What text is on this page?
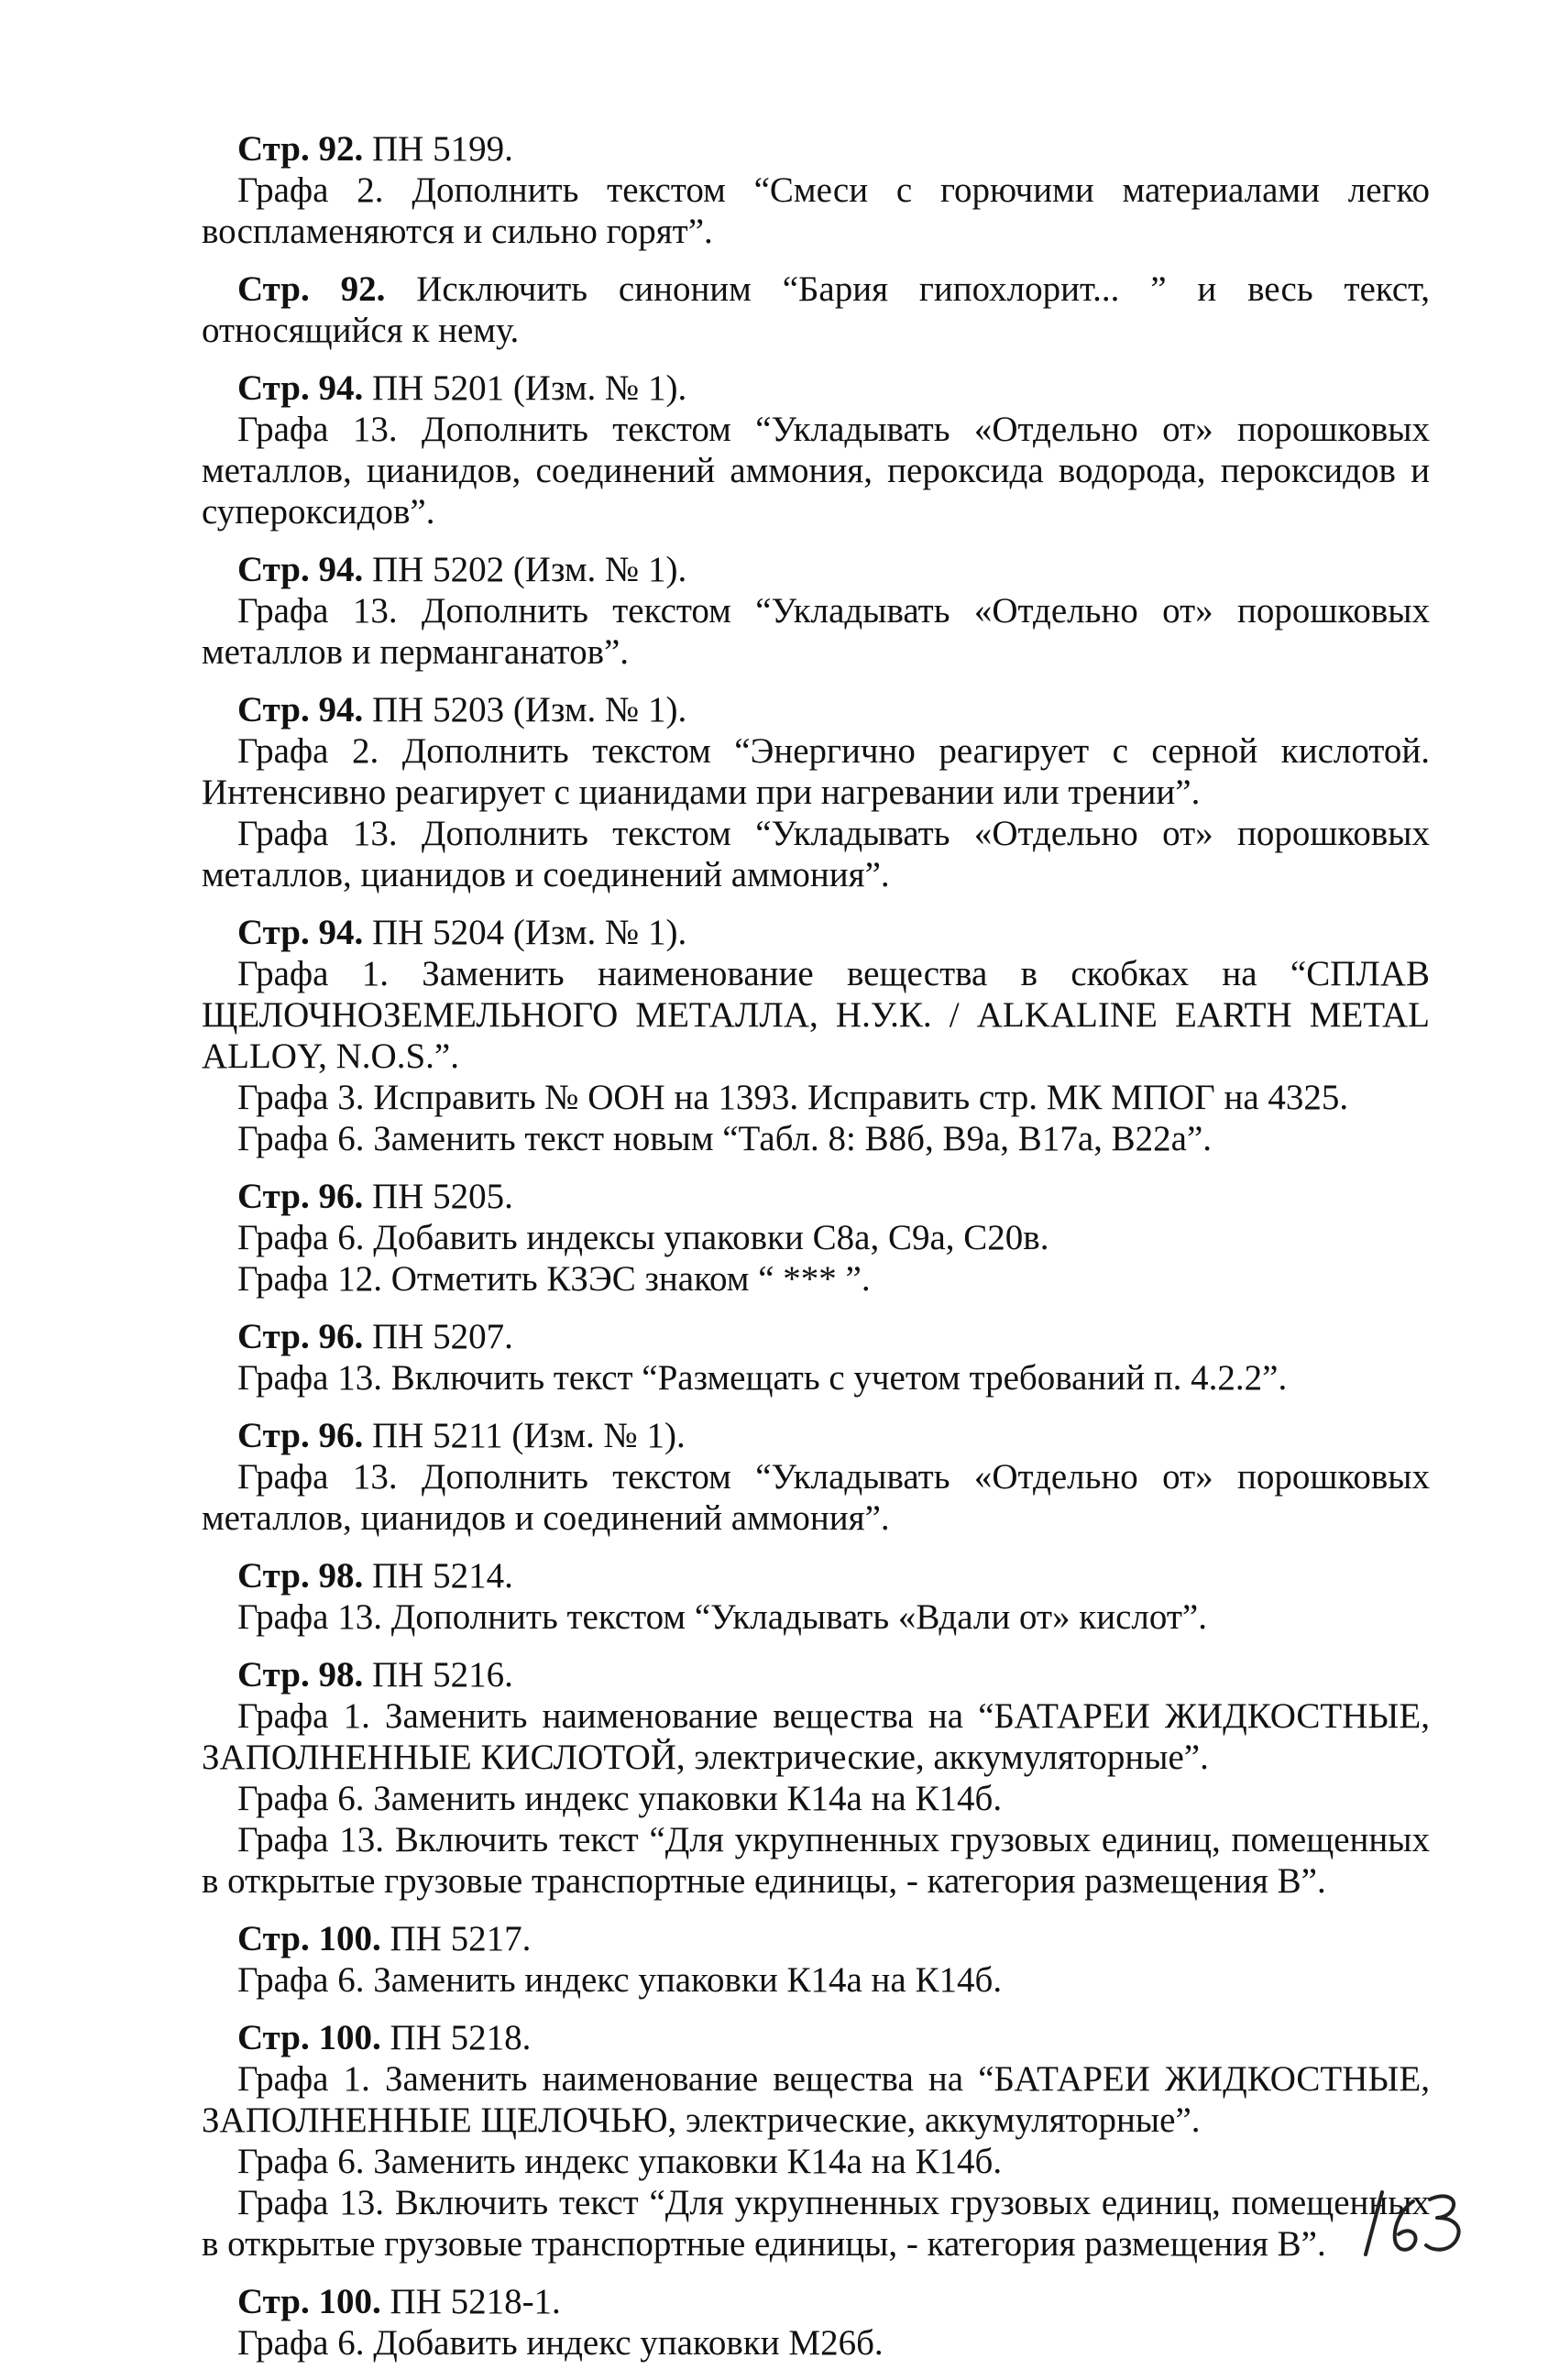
Стр. 92. ПН 5199.
Графа 2. Дополнить текстом “Смеси с горючими материалами легко воспламеняются и сильно горят”.
Стр. 92. Исключить синоним “Бария гипохлорит... ” и весь текст, относящийся к нему.
Стр. 94. ПН 5201 (Изм. № 1).
Графа 13. Дополнить текстом “Укладывать «Отдельно от» порошковых металлов, цианидов, соединений аммония, пероксида водорода, пероксидов и супероксидов”.
Стр. 94. ПН 5202 (Изм. № 1).
Графа 13. Дополнить текстом “Укладывать «Отдельно от» порошковых металлов и перманганатов”.
Стр. 94. ПН 5203 (Изм. № 1).
Графа 2. Дополнить текстом “Энергично реагирует с серной кислотой. Интенсивно реагирует с цианидами при нагревании или трении”.
Графа 13. Дополнить текстом “Укладывать «Отдельно от» порошковых металлов, цианидов и соединений аммония”.
Стр. 94. ПН 5204 (Изм. № 1).
Графа 1. Заменить наименование вещества в скобках на “СПЛАВ ЩЕЛОЧНОЗЕМЕЛЬНОГО МЕТАЛЛА, Н.У.К. / ALKALINE EARTH METAL ALLOY, N.O.S.”.
Графа 3. Исправить № ООН на 1393. Исправить стр. МК МПОГ на 4325.
Графа 6. Заменить текст новым “Табл. 8: В8б, В9а, В17а, В22а”.
Стр. 96. ПН 5205.
Графа 6. Добавить индексы упаковки С8а, С9а, С20в.
Графа 12. Отметить КЗЭС знаком “ *** ”.
Стр. 96. ПН 5207.
Графа 13. Включить текст “Размещать с учетом требований п. 4.2.2”.
Стр. 96. ПН 5211 (Изм. № 1).
Графа 13. Дополнить текстом “Укладывать «Отдельно от» порошковых металлов, цианидов и соединений аммония”.
Стр. 98. ПН 5214.
Графа 13. Дополнить текстом “Укладывать «Вдали от» кислот”.
Стр. 98. ПН 5216.
Графа 1. Заменить наименование вещества на “БАТАРЕИ ЖИДКОСТНЫЕ, ЗАПОЛНЕННЫЕ КИСЛОТОЙ, электрические, аккумуляторные”.
Графа 6. Заменить индекс упаковки К14а на К14б.
Графа 13. Включить текст “Для укрупненных грузовых единиц, помещенных в открытые грузовые транспортные единицы, - категория размещения В”.
Стр. 100. ПН 5217.
Графа 6. Заменить индекс упаковки К14а на К14б.
Стр. 100. ПН 5218.
Графа 1. Заменить наименование вещества на “БАТАРЕИ ЖИДКОСТНЫЕ, ЗАПОЛНЕННЫЕ ЩЕЛОЧЬЮ, электрические, аккумуляторные”.
Графа 6. Заменить индекс упаковки К14а на К14б.
Графа 13. Включить текст “Для укрупненных грузовых единиц, помещенных в открытые грузовые транспортные единицы, - категория размещения В”.
Стр. 100. ПН 5218-1.
Графа 6. Добавить индекс упаковки М26б.
